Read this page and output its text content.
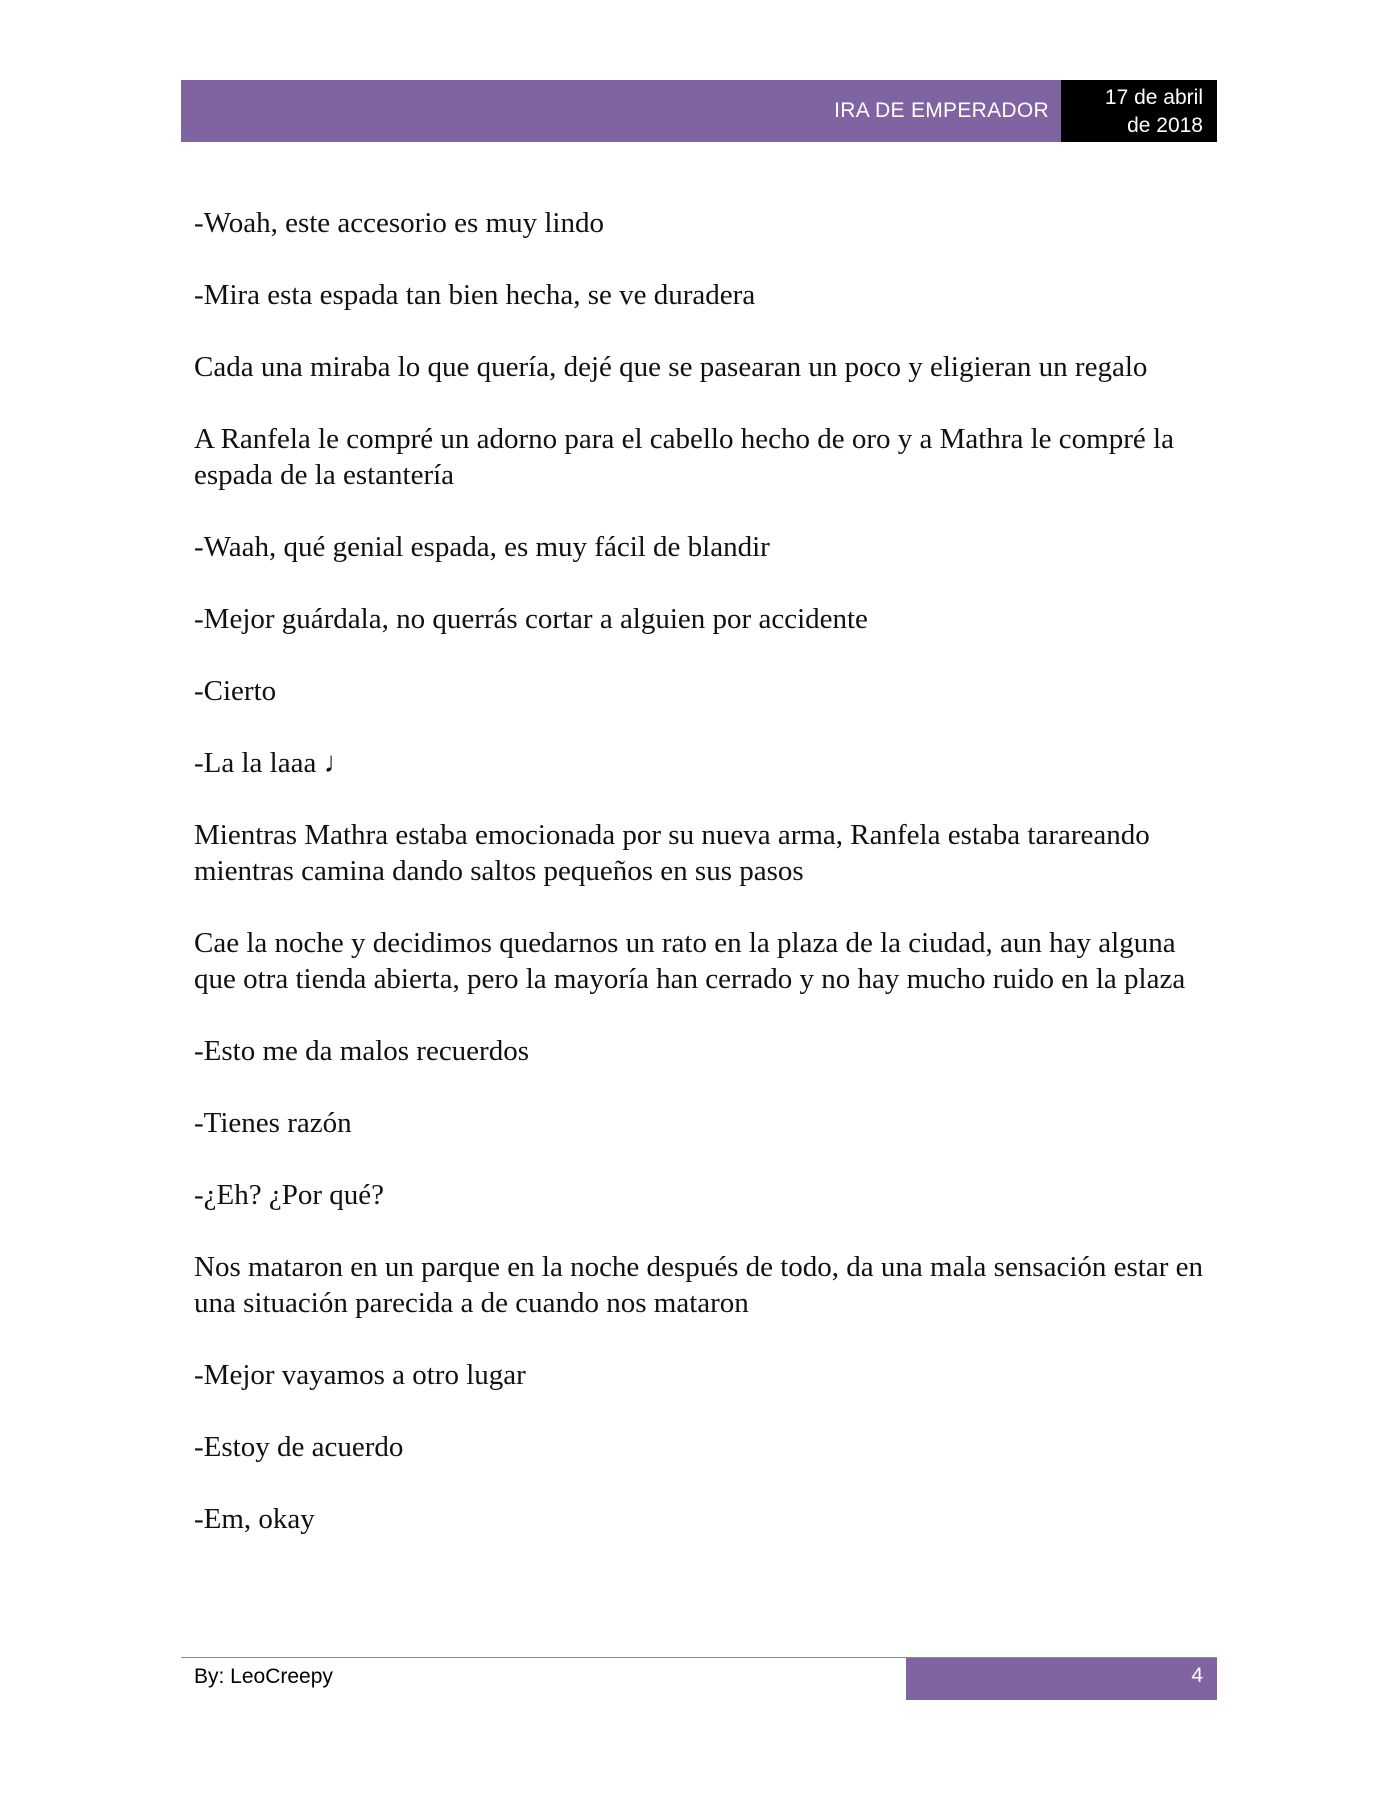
IRA DE EMPERADOR
17 de abril
de 2018

-Woah, este accesorio es muy lindo

-Mira esta espada tan bien hecha, se ve duradera

Cada una miraba lo que quería, dejé que se pasearan un poco y eligieran un regalo

A Ranfela le compré un adorno para el cabello hecho de oro y a Mathra le compré la espada de la estantería

-Waah, qué genial espada, es muy fácil de blandir

-Mejor guárdala, no querrás cortar a alguien por accidente

-Cierto

-La la laaa ♩

Mientras Mathra estaba emocionada por su nueva arma, Ranfela estaba tarareando mientras camina dando saltos pequeños en sus pasos

Cae la noche y decidimos quedarnos un rato en la plaza de la ciudad, aun hay alguna que otra tienda abierta, pero la mayoría han cerrado y no hay mucho ruido en la plaza

-Esto me da malos recuerdos

-Tienes razón

-¿Eh? ¿Por qué?

Nos mataron en un parque en la noche después de todo, da una mala sensación estar en una situación parecida a de cuando nos mataron

-Mejor vayamos a otro lugar

-Estoy de acuerdo

-Em, okay

By: LeoCreepy	4
